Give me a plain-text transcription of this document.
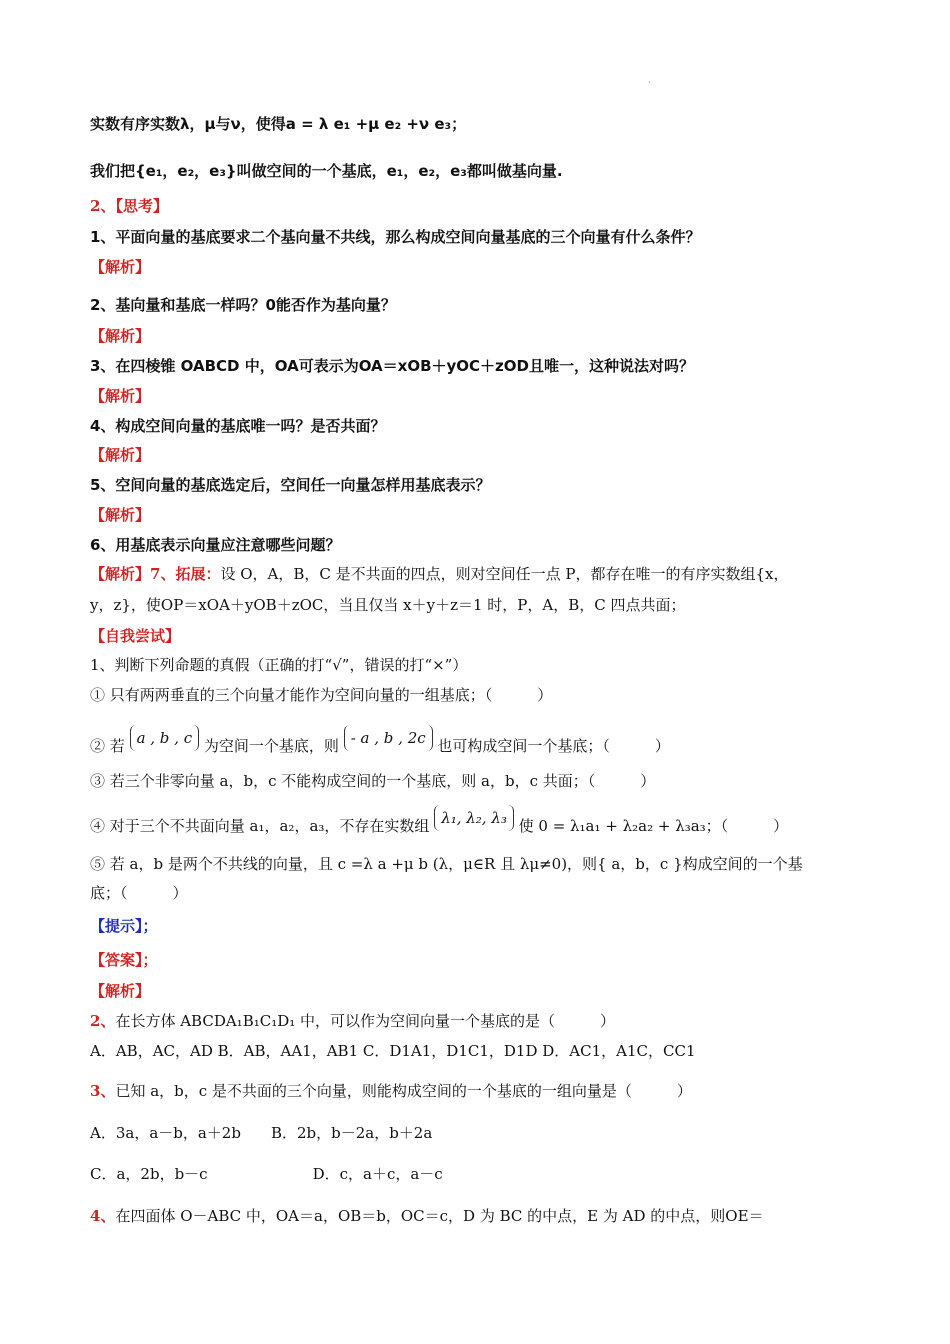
·
实数有序实数λ，μ与ν，使得a = λ e₁ +μ e₂ +ν e₃；
我们把{e₁，e₂，e₃}叫做空间的一个基底，e₁，e₂，e₃都叫做基向量.
2、【思考】
1、平面向量的基底要求二个基向量不共线，那么构成空间向量基底的三个向量有什么条件？
【解析】
2、基向量和基底一样吗？0能否作为基向量？
【解析】
3、在四棱锥 OABCD 中，OA可表示为OA＝xOB＋yOC＋zOD且唯一，这种说法对吗？
【解析】
4、构成空间向量的基底唯一吗？是否共面？
【解析】
5、空间向量的基底选定后，空间任一向量怎样用基底表示？
【解析】
6、用基底表示向量应注意哪些问题？
【解析】7、拓展：设 O，A，B，C 是不共面的四点，则对空间任一点 P，都存在唯一的有序实数组{x，
y，z}，使OP＝xOA＋yOB＋zOC，当且仅当 x＋y＋z＝1 时，P，A，B，C 四点共面；
【自我尝试】
1、判断下列命题的真假（正确的打“√”，错误的打“×”）
① 只有两两垂直的三个向量才能作为空间向量的一组基底；（　　　）
② 若 a , b , c 为空间一个基底，则 - a , b , 2c 也可构成空间一个基底；（　　　）
③ 若三个非零向量 a，b，c 不能构成空间的一个基底，则 a，b，c 共面；（　　　）
④ 对于三个不共面向量 a₁，a₂，a₃，不存在实数组 λ₁, λ₂, λ₃ 使 0 = λ₁a₁ + λ₂a₂ + λ₃a₃；（　　　）
⑤ 若 a，b 是两个不共线的向量，且 c =λ a +μ b (λ，μ∈R 且 λμ≠0)，则{ a，b，c }构成空间的一个基
底；（　　　）
【提示】；
【答案】；
【解析】
2、在长方体 ABCDA₁B₁C₁D₁ 中，可以作为空间向量一个基底的是（　　　）
A．AB，AC，AD B．AB，AA1，AB1 C．D1A1，D1C1，D1D D．AC1，A1C，CC1
3、已知 a，b，c 是不共面的三个向量，则能构成空间的一个基底的一组向量是（　　　）
A．3a，a－b，a＋2b　　B．2b，b－2a，b＋2a
C．a，2b，b－c　　　　　　　D．c，a＋c，a－c
4、在四面体 O－ABC 中，OA＝a，OB＝b，OC＝c，D 为 BC 的中点，E 为 AD 的中点，则OE＝
